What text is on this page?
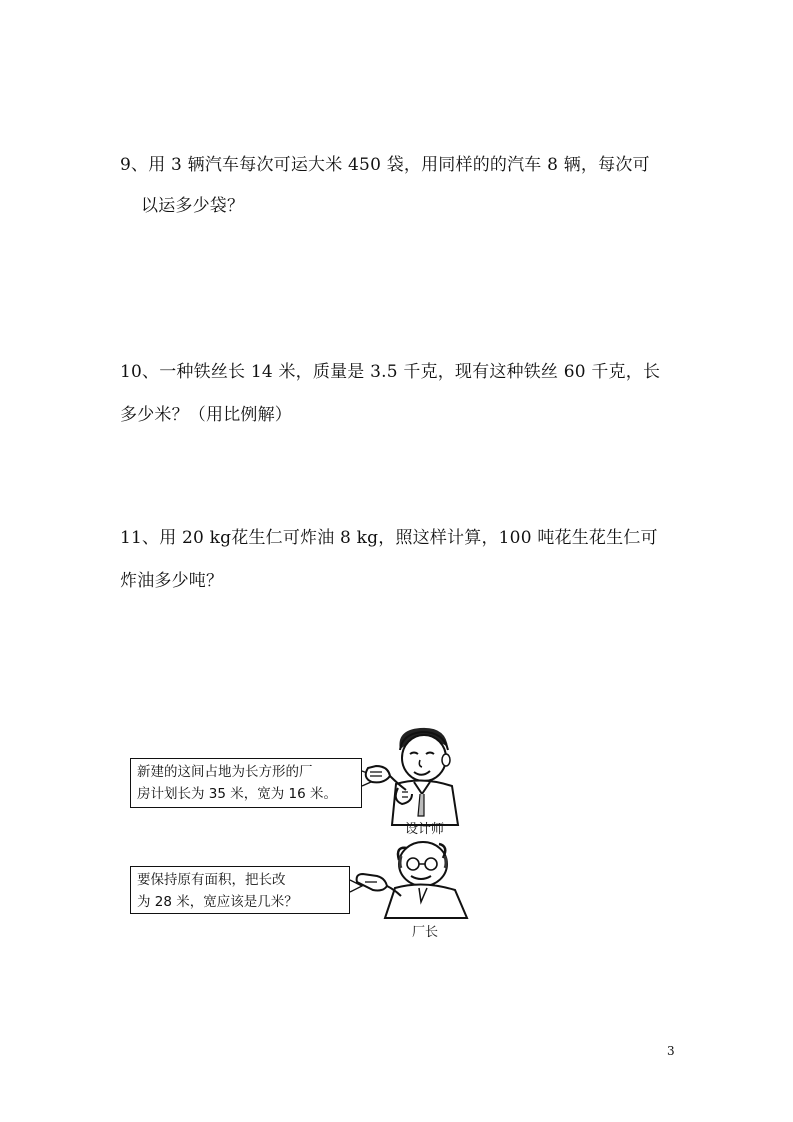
9、用 3 辆汽车每次可运大米 450 袋，用同样的的汽车 8 辆，每次可
以运多少袋？
10、一种铁丝长 14 米，质量是 3.5 千克，现有这种铁丝 60 千克，长
多少米？（用比例解）
11、用 20 kg花生仁可炸油 8 kg，照这样计算，100 吨花生花生仁可
炸油多少吨？
新建的这间占地为长方形的厂
房计划长为 35 米，宽为 16 米。
设计师
要保持原有面积，把长改
为 28 米，宽应该是几米？
厂长
3
